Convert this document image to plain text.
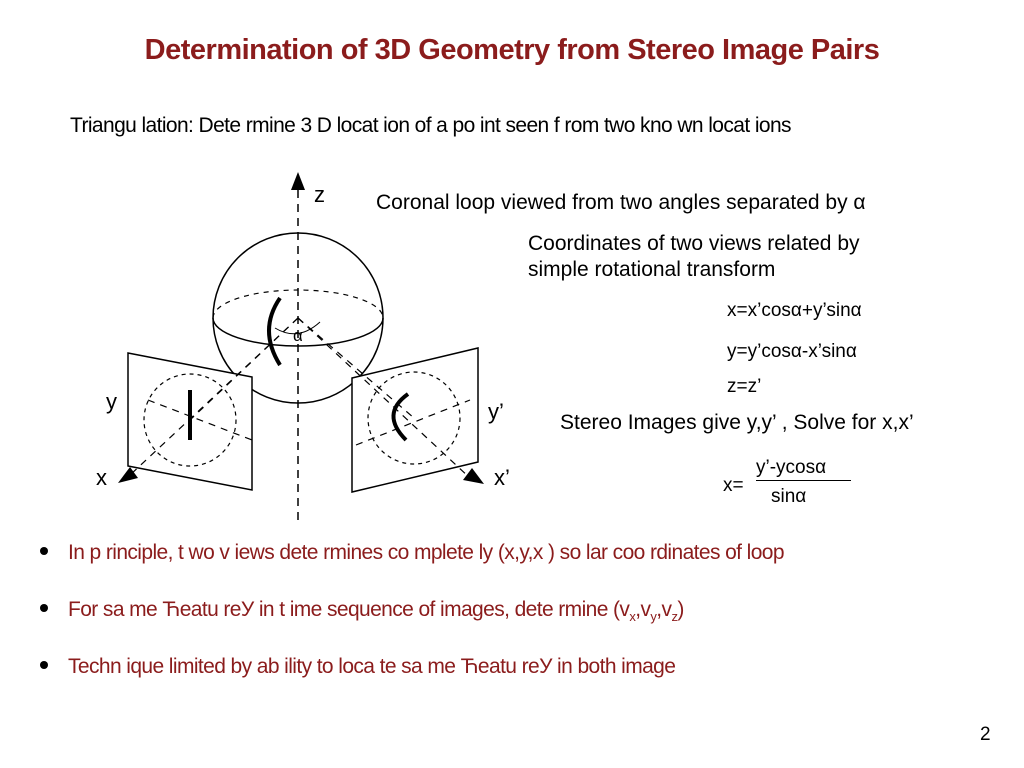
Determination of 3D Geometry from Stereo Image Pairs
Triangu lation: Dete rmine 3 D locat ion of a po int seen f rom two kno wn locat ions
z
α
x
y
x’
y’
Coronal loop viewed from two angles separated by α
Coordinates of two views related by
simple rotational transform
x=x’cosα+y’sinα
y=y’cosα-x’sinα
z=z’
Stereo Images give y,y’ , Solve for x,x’
x=
y’-ycosα
sinα
In p rinciple, t wo v iews dete rmines co mplete ly (x,y,x ) so lar coo rdinates of loop
For sa me Ћeatu reУ in t ime sequence of images, dete rmine $(v_x,v_y,v_z)$
Techn ique limited by ab ility to loca te sa me Ћeatu reУ in both image
2
